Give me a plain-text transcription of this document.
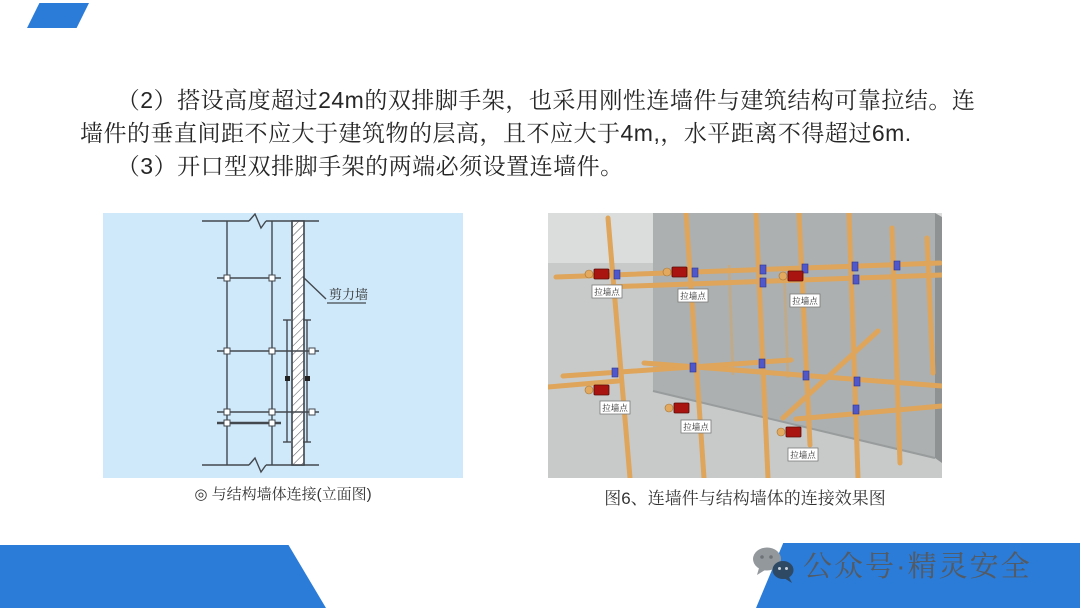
（2）搭设高度超过24m的双排脚手架，也采用刚性连墙件与建筑结构可靠拉结。连墙件的垂直间距不应大于建筑物的层高，且不应大于4m,，水平距离不得超过6m.

（3）开口型双排脚手架的两端必须设置连墙件。

剪力墙
◎ 与结构墙体连接(立面图)
拉墙点	拉墙点	拉墙点
拉墙点
拉墙点
拉墙点
图6、连墙件与结构墙体的连接效果图
公众号·精灵安全
